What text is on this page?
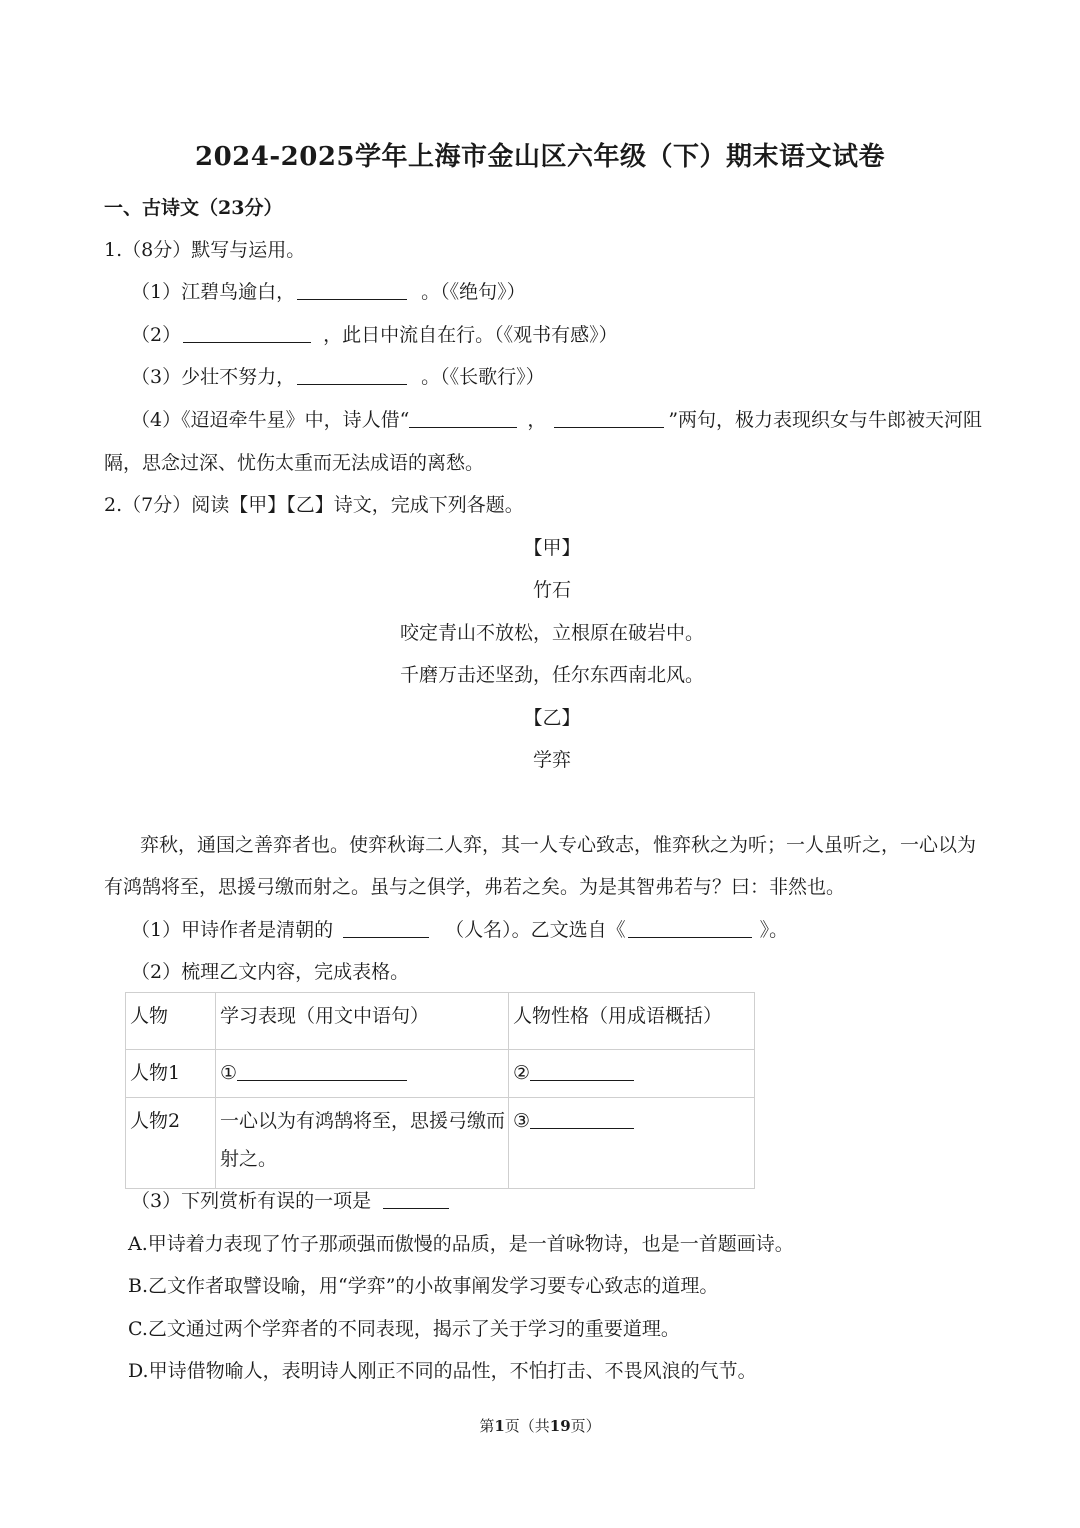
2024-2025学年上海市金山区六年级（下）期末语文试卷
一、古诗文（23分）
1.（8分）默写与运用。
（1）江碧鸟逾白，	。（《绝句》）
（2）	，此日中流自在行。（《观书有感》）
（3）少壮不努力，	。（《长歌行》）
（4）《迢迢牵牛星》中，诗人借“	，	”两句，极力表现织女与牛郎被天河阻
隔，思念过深、忧伤太重而无法成语的离愁。
2.（7分）阅读【甲】【乙】诗文，完成下列各题。
【甲】
竹石
咬定青山不放松，立根原在破岩中。
千磨万击还坚劲，任尔东西南北风。
【乙】
学弈
弈秋，通国之善弈者也。使弈秋诲二人弈，其一人专心致志，惟弈秋之为听；一人虽听之，一心以为
有鸿鹄将至，思援弓缴而射之。虽与之俱学，弗若之矣。为是其智弗若与？曰：非然也。
（1）甲诗作者是清朝的	（人名）。乙文选自《	》。
（2）梳理乙文内容，完成表格。
人物	学习表现（用文中语句）	人物性格（用成语概括）
人物1	①	②
人物2	一心以为有鸿鹄将至，思援弓缴而
射之。	③
（3）下列赏析有误的一项是
A.甲诗着力表现了竹子那顽强而傲慢的品质，是一首咏物诗，也是一首题画诗。
B.乙文作者取譬设喻，用“学弈”的小故事阐发学习要专心致志的道理。
C.乙文通过两个学弈者的不同表现，揭示了关于学习的重要道理。
D.甲诗借物喻人，表明诗人刚正不同的品性，不怕打击、不畏风浪的气节。
第1页（共19页）
